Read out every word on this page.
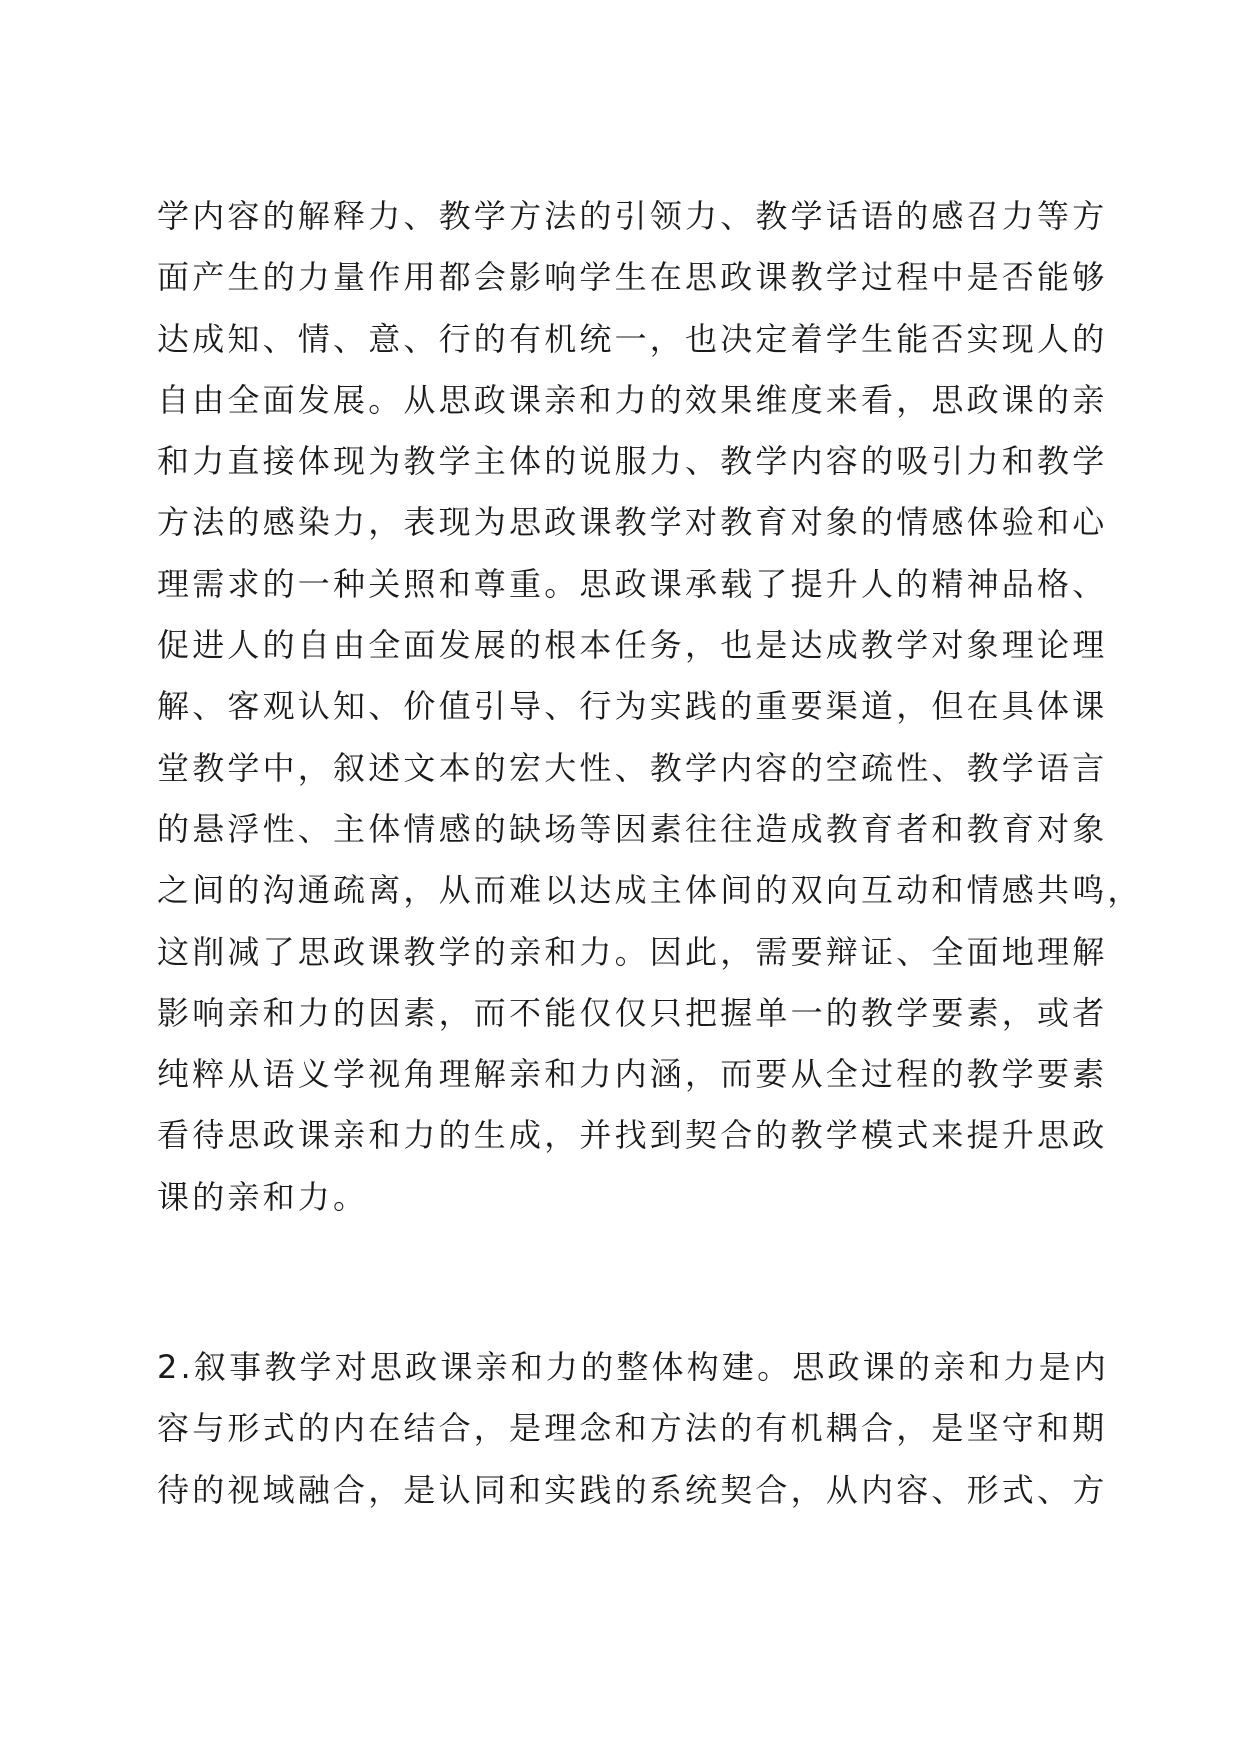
学内容的解释力、教学方法的引领力、教学话语的感召力等方
面产生的力量作用都会影响学生在思政课教学过程中是否能够
达成知、情、意、行的有机统一，也决定着学生能否实现人的
自由全面发展。从思政课亲和力的效果维度来看，思政课的亲
和力直接体现为教学主体的说服力、教学内容的吸引力和教学
方法的感染力，表现为思政课教学对教育对象的情感体验和心
理需求的一种关照和尊重。思政课承载了提升人的精神品格、
促进人的自由全面发展的根本任务，也是达成教学对象理论理
解、客观认知、价值引导、行为实践的重要渠道，但在具体课
堂教学中，叙述文本的宏大性、教学内容的空疏性、教学语言
的悬浮性、主体情感的缺场等因素往往造成教育者和教育对象
之间的沟通疏离，从而难以达成主体间的双向互动和情感共鸣，
这削减了思政课教学的亲和力。因此，需要辩证、全面地理解
影响亲和力的因素，而不能仅仅只把握单一的教学要素，或者
纯粹从语义学视角理解亲和力内涵，而要从全过程的教学要素
看待思政课亲和力的生成，并找到契合的教学模式来提升思政
课的亲和力。
2.叙事教学对思政课亲和力的整体构建。思政课的亲和力是内
容与形式的内在结合，是理念和方法的有机耦合，是坚守和期
待的视域融合，是认同和实践的系统契合，从内容、形式、方
